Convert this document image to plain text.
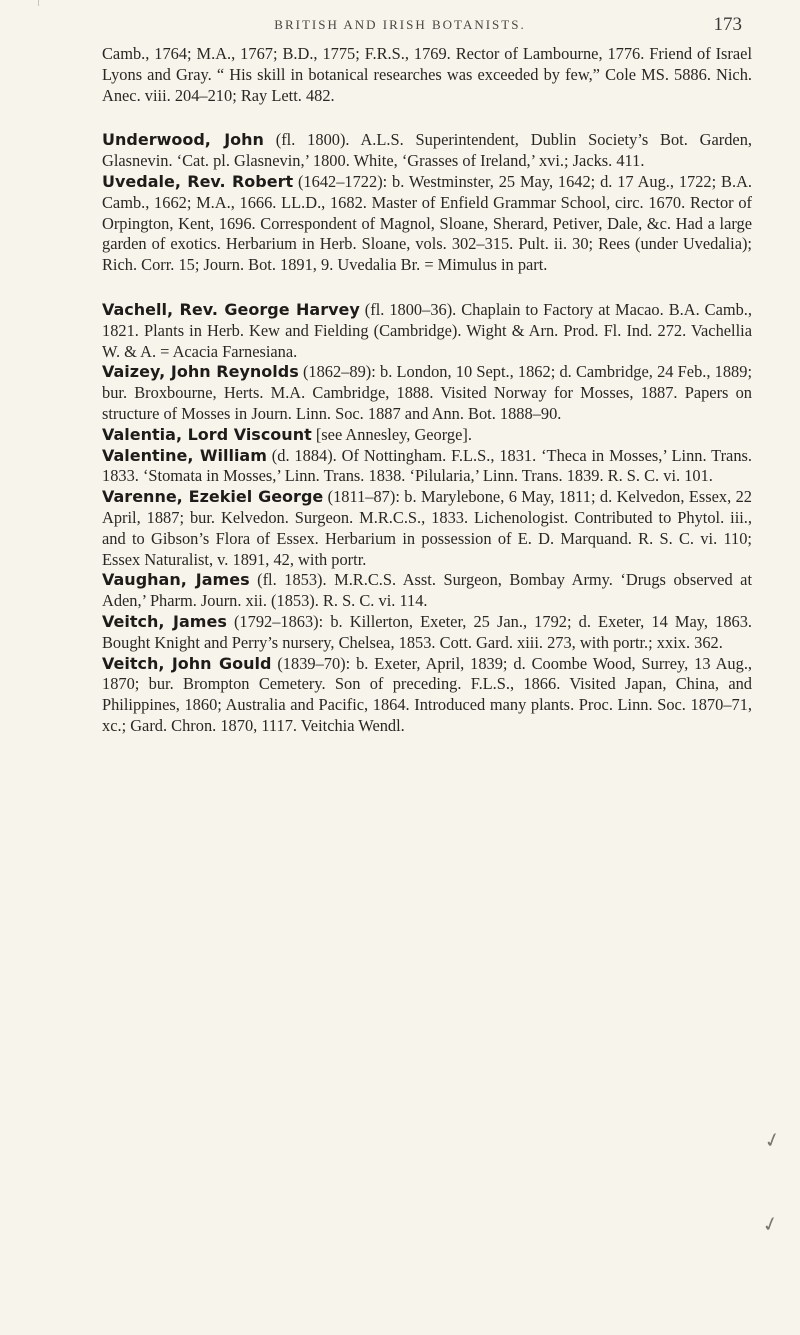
BRITISH AND IRISH BOTANISTS.	173

Camb., 1764; M.A., 1767; B.D., 1775; F.R.S., 1769. Rector of Lambourne, 1776. Friend of Israel Lyons and Gray. “ His skill in botanical researches was exceeded by few,” Cole MS. 5886. Nich. Anec. viii. 204–210; Ray Lett. 482.

Underwood, John (fl. 1800). A.L.S. Superintendent, Dublin Society’s Bot. Garden, Glasnevin. ‘Cat. pl. Glasnevin,’ 1800. White, ‘Grasses of Ireland,’ xvi.; Jacks. 411.

Uvedale, Rev. Robert (1642–1722): b. Westminster, 25 May, 1642; d. 17 Aug., 1722; B.A. Camb., 1662; M.A., 1666. LL.D., 1682. Master of Enfield Grammar School, circ. 1670. Rector of Orpington, Kent, 1696. Correspondent of Magnol, Sloane, Sherard, Petiver, Dale, &c. Had a large garden of exotics. Herbarium in Herb. Sloane, vols. 302–315. Pult. ii. 30; Rees (under Uvedalia); Rich. Corr. 15; Journ. Bot. 1891, 9. Uvedalia Br. = Mimulus in part.

Vachell, Rev. George Harvey (fl. 1800–36). Chaplain to Factory at Macao. B.A. Camb., 1821. Plants in Herb. Kew and Fielding (Cambridge). Wight & Arn. Prod. Fl. Ind. 272. Vachellia W. & A. = Acacia Farnesiana.

Vaizey, John Reynolds (1862–89): b. London, 10 Sept., 1862; d. Cambridge, 24 Feb., 1889; bur. Broxbourne, Herts. M.A. Cambridge, 1888. Visited Norway for Mosses, 1887. Papers on structure of Mosses in Journ. Linn. Soc. 1887 and Ann. Bot. 1888–90.

Valentia, Lord Viscount [see Annesley, George].

Valentine, William (d. 1884). Of Nottingham. F.L.S., 1831. ‘Theca in Mosses,’ Linn. Trans. 1833. ‘Stomata in Mosses,’ Linn. Trans. 1838. ‘Pilularia,’ Linn. Trans. 1839. R. S. C. vi. 101.

Varenne, Ezekiel George (1811–87): b. Marylebone, 6 May, 1811; d. Kelvedon, Essex, 22 April, 1887; bur. Kelvedon. Surgeon. M.R.C.S., 1833. Lichenologist. Contributed to Phytol. iii., and to Gibson’s Flora of Essex. Herbarium in possession of E. D. Marquand. R. S. C. vi. 110; Essex Naturalist, v. 1891, 42, with portr.

Vaughan, James (fl. 1853). M.R.C.S. Asst. Surgeon, Bombay Army. ‘Drugs observed at Aden,’ Pharm. Journ. xii. (1853). R. S. C. vi. 114.

Veitch, James (1792–1863): b. Killerton, Exeter, 25 Jan., 1792; d. Exeter, 14 May, 1863. Bought Knight and Perry’s nursery, Chelsea, 1853. Cott. Gard. xiii. 273, with portr.; xxix. 362.

Veitch, John Gould (1839–70): b. Exeter, April, 1839; d. Coombe Wood, Surrey, 13 Aug., 1870; bur. Brompton Cemetery. Son of preceding. F.L.S., 1866. Visited Japan, China, and Philippines, 1860; Australia and Pacific, 1864. Introduced many plants. Proc. Linn. Soc. 1870–71, xc.; Gard. Chron. 1870, 1117. Veitchia Wendl.

✓
✓
